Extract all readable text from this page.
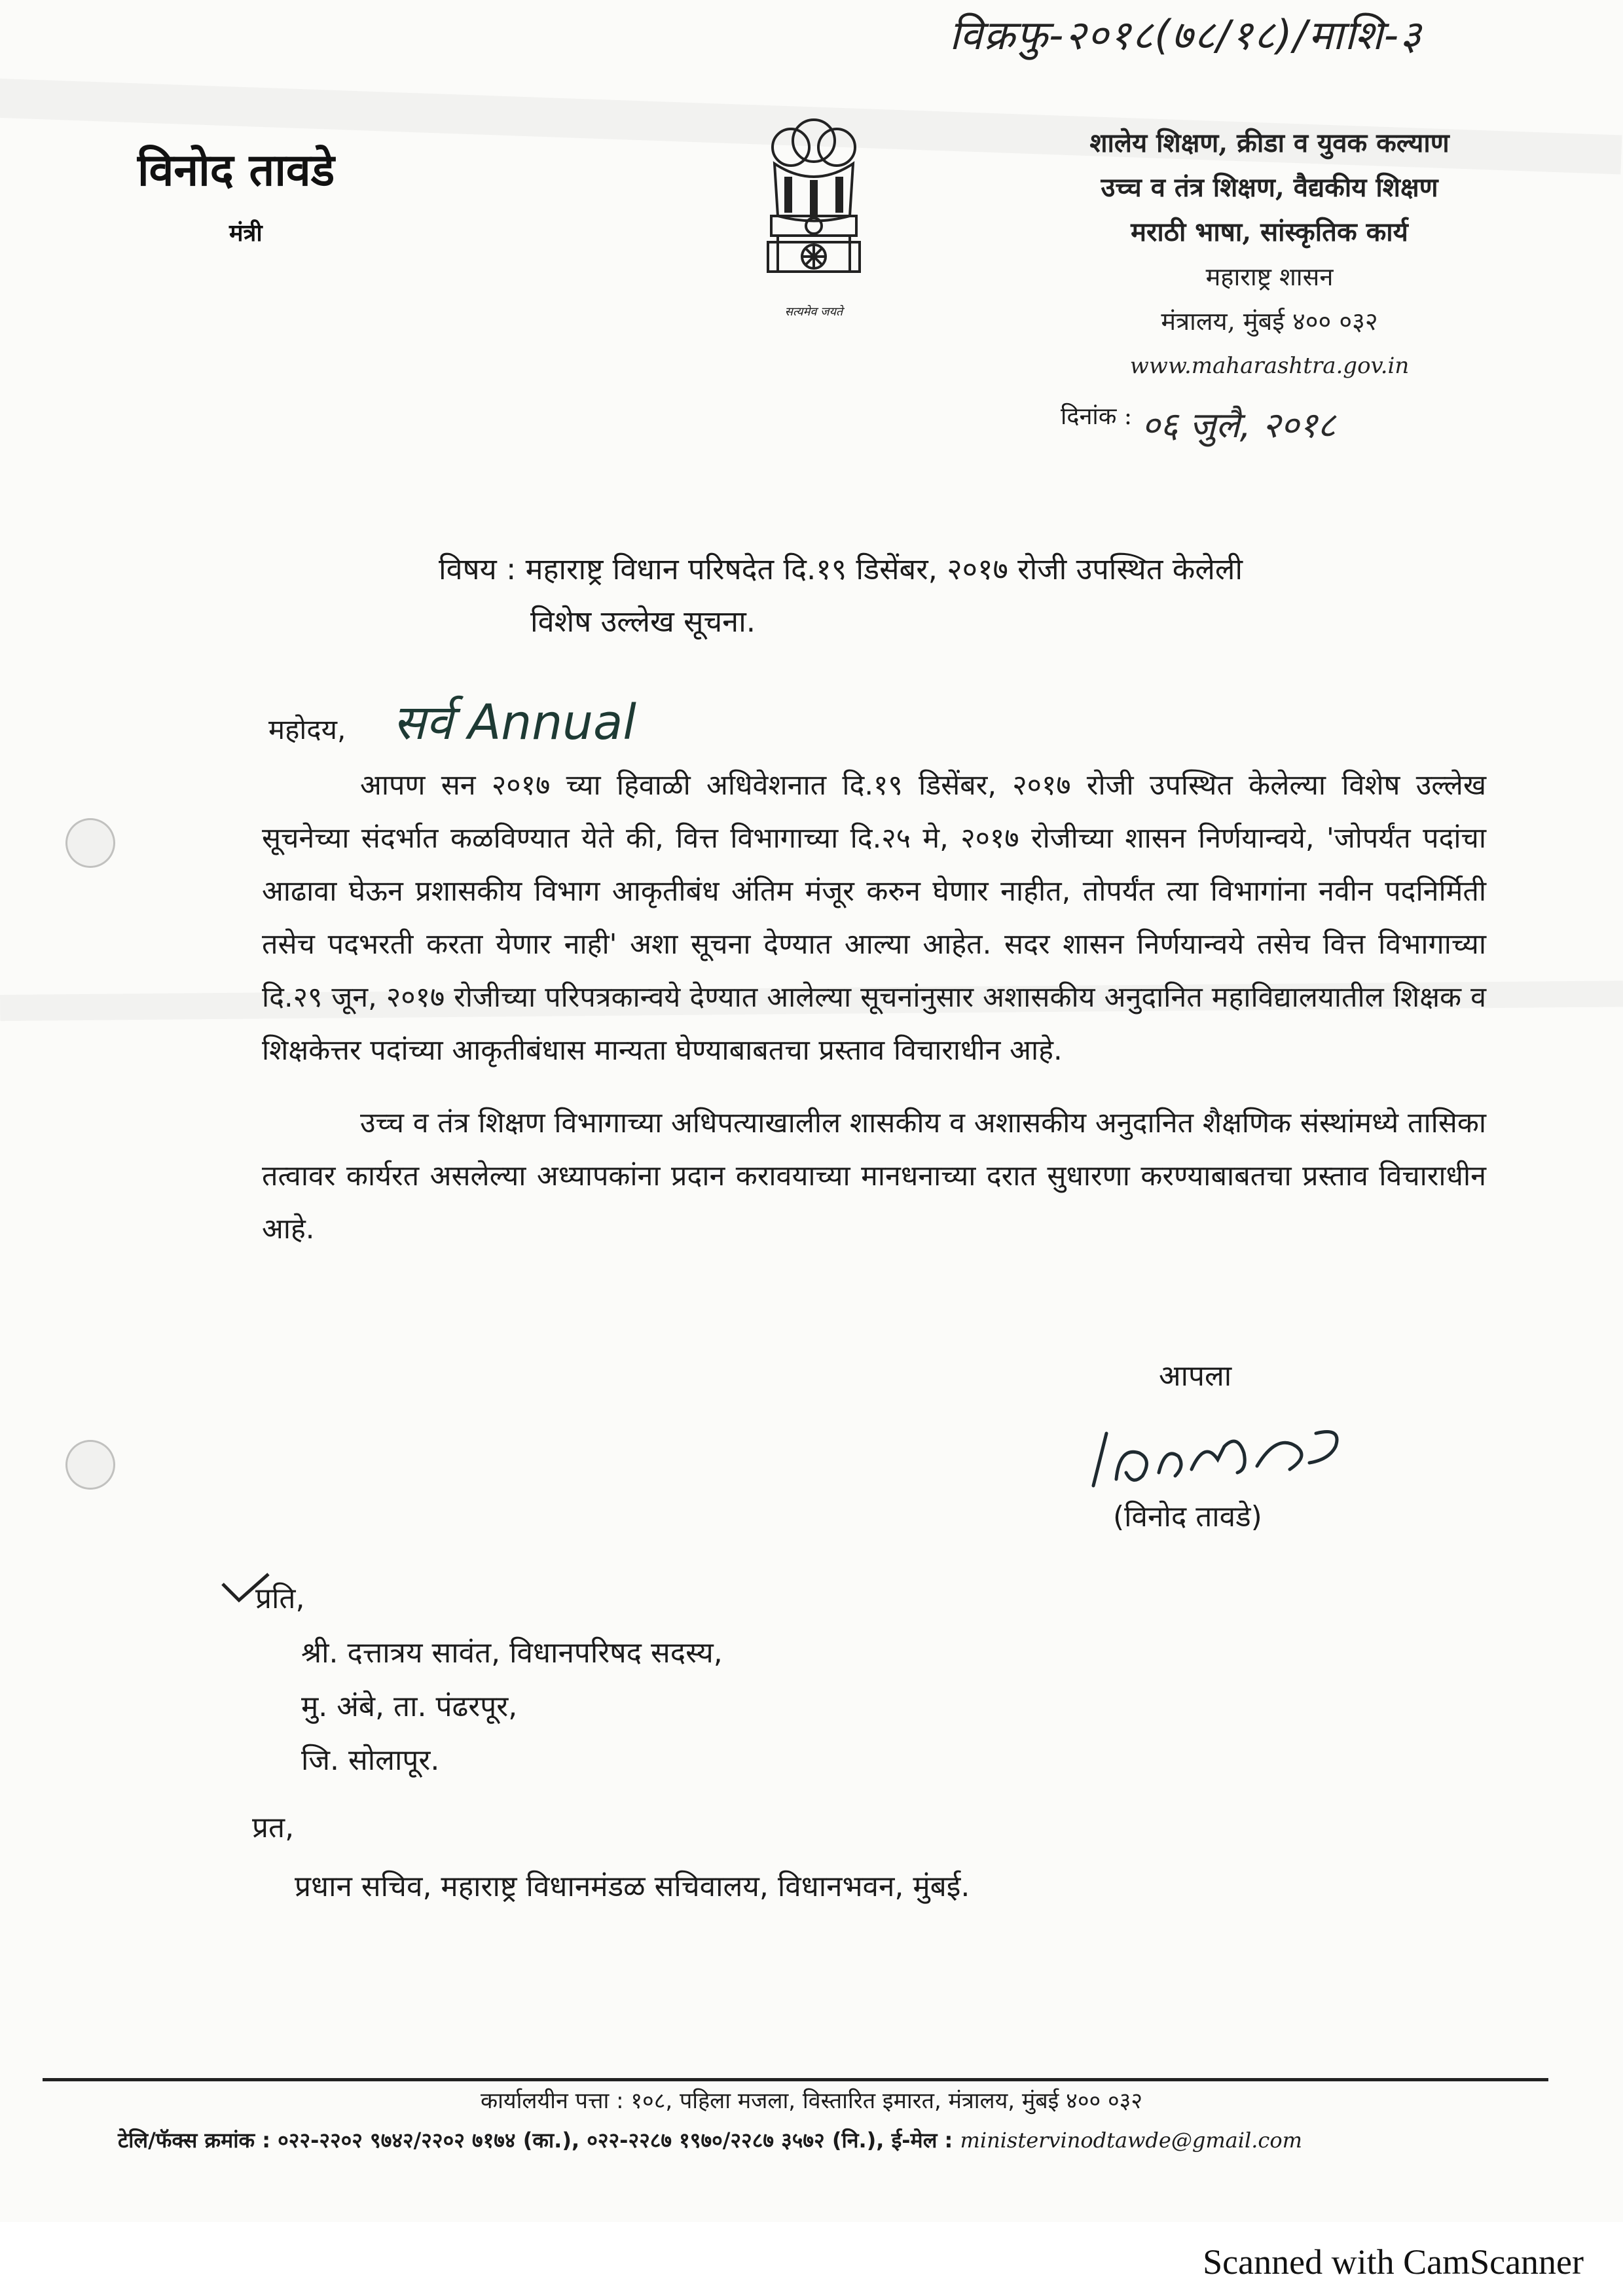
विक्रफु-२०१८(७८/१८)/माशि-३
विनोद तावडे
मंत्री
सत्यमेव जयते
शालेय शिक्षण, क्रीडा व युवक कल्याण
उच्च व तंत्र शिक्षण, वैद्यकीय शिक्षण
मराठी भाषा, सांस्कृतिक कार्य
महाराष्ट्र शासन
मंत्रालय, मुंबई ४०० ०३२
www.maharashtra.gov.in
$^{दिनांक :}$ ०६ जुलै, २०१८
विषय : महाराष्ट्र विधान परिषदेत दि.१९ डिसेंबर, २०१७ रोजी उपस्थित केलेली
विशेष उल्लेख सूचना.
महोदय, सर्व Annual

आपण सन २०१७ च्या हिवाळी अधिवेशनात दि.१९ डिसेंबर, २०१७ रोजी उपस्थित केलेल्या विशेष उल्लेख सूचनेच्या संदर्भात कळविण्यात येते की, वित्त विभागाच्या दि.२५ मे, २०१७ रोजीच्या शासन निर्णयान्वये, 'जोपर्यंत पदांचा आढावा घेऊन प्रशासकीय विभाग आकृतीबंध अंतिम मंजूर करुन घेणार नाहीत, तोपर्यंत त्या विभागांना नवीन पदनिर्मिती तसेच पदभरती करता येणार नाही' अशा सूचना देण्यात आल्या आहेत. सदर शासन निर्णयान्वये तसेच वित्त विभागाच्या दि.२९ जून, २०१७ रोजीच्या परिपत्रकान्वये देण्यात आलेल्या सूचनांनुसार अशासकीय अनुदानित महाविद्यालयातील शिक्षक व शिक्षकेत्तर पदांच्या आकृतीबंधास मान्यता घेण्याबाबतचा प्रस्ताव विचाराधीन आहे.

उच्च व तंत्र शिक्षण विभागाच्या अधिपत्याखालील शासकीय व अशासकीय अनुदानित शैक्षणिक संस्थांमध्ये तासिका तत्वावर कार्यरत असलेल्या अध्यापकांना प्रदान करावयाच्या मानधनाच्या दरात सुधारणा करण्याबाबतचा प्रस्ताव विचाराधीन आहे.

आपला
(विनोद तावडे)
प्रति,
श्री. दत्तात्रय सावंत, विधानपरिषद सदस्य,
मु. अंबे, ता. पंढरपूर,
जि. सोलापूर.
प्रत,
प्रधान सचिव, महाराष्ट्र विधानमंडळ सचिवालय, विधानभवन, मुंबई.
कार्यालयीन पत्ता : १०८, पहिला मजला, विस्तारित इमारत, मंत्रालय, मुंबई ४०० ०३२
टेलि/फॅक्स क्रमांक : ०२२-२२०२ ९७४२/२२०२ ७१७४ (का.), ०२२-२२८७ १९७०/२२८७ ३५७२ (नि.), ई-मेल : ministervinodtawde@gmail.com
Scanned with CamScanner
